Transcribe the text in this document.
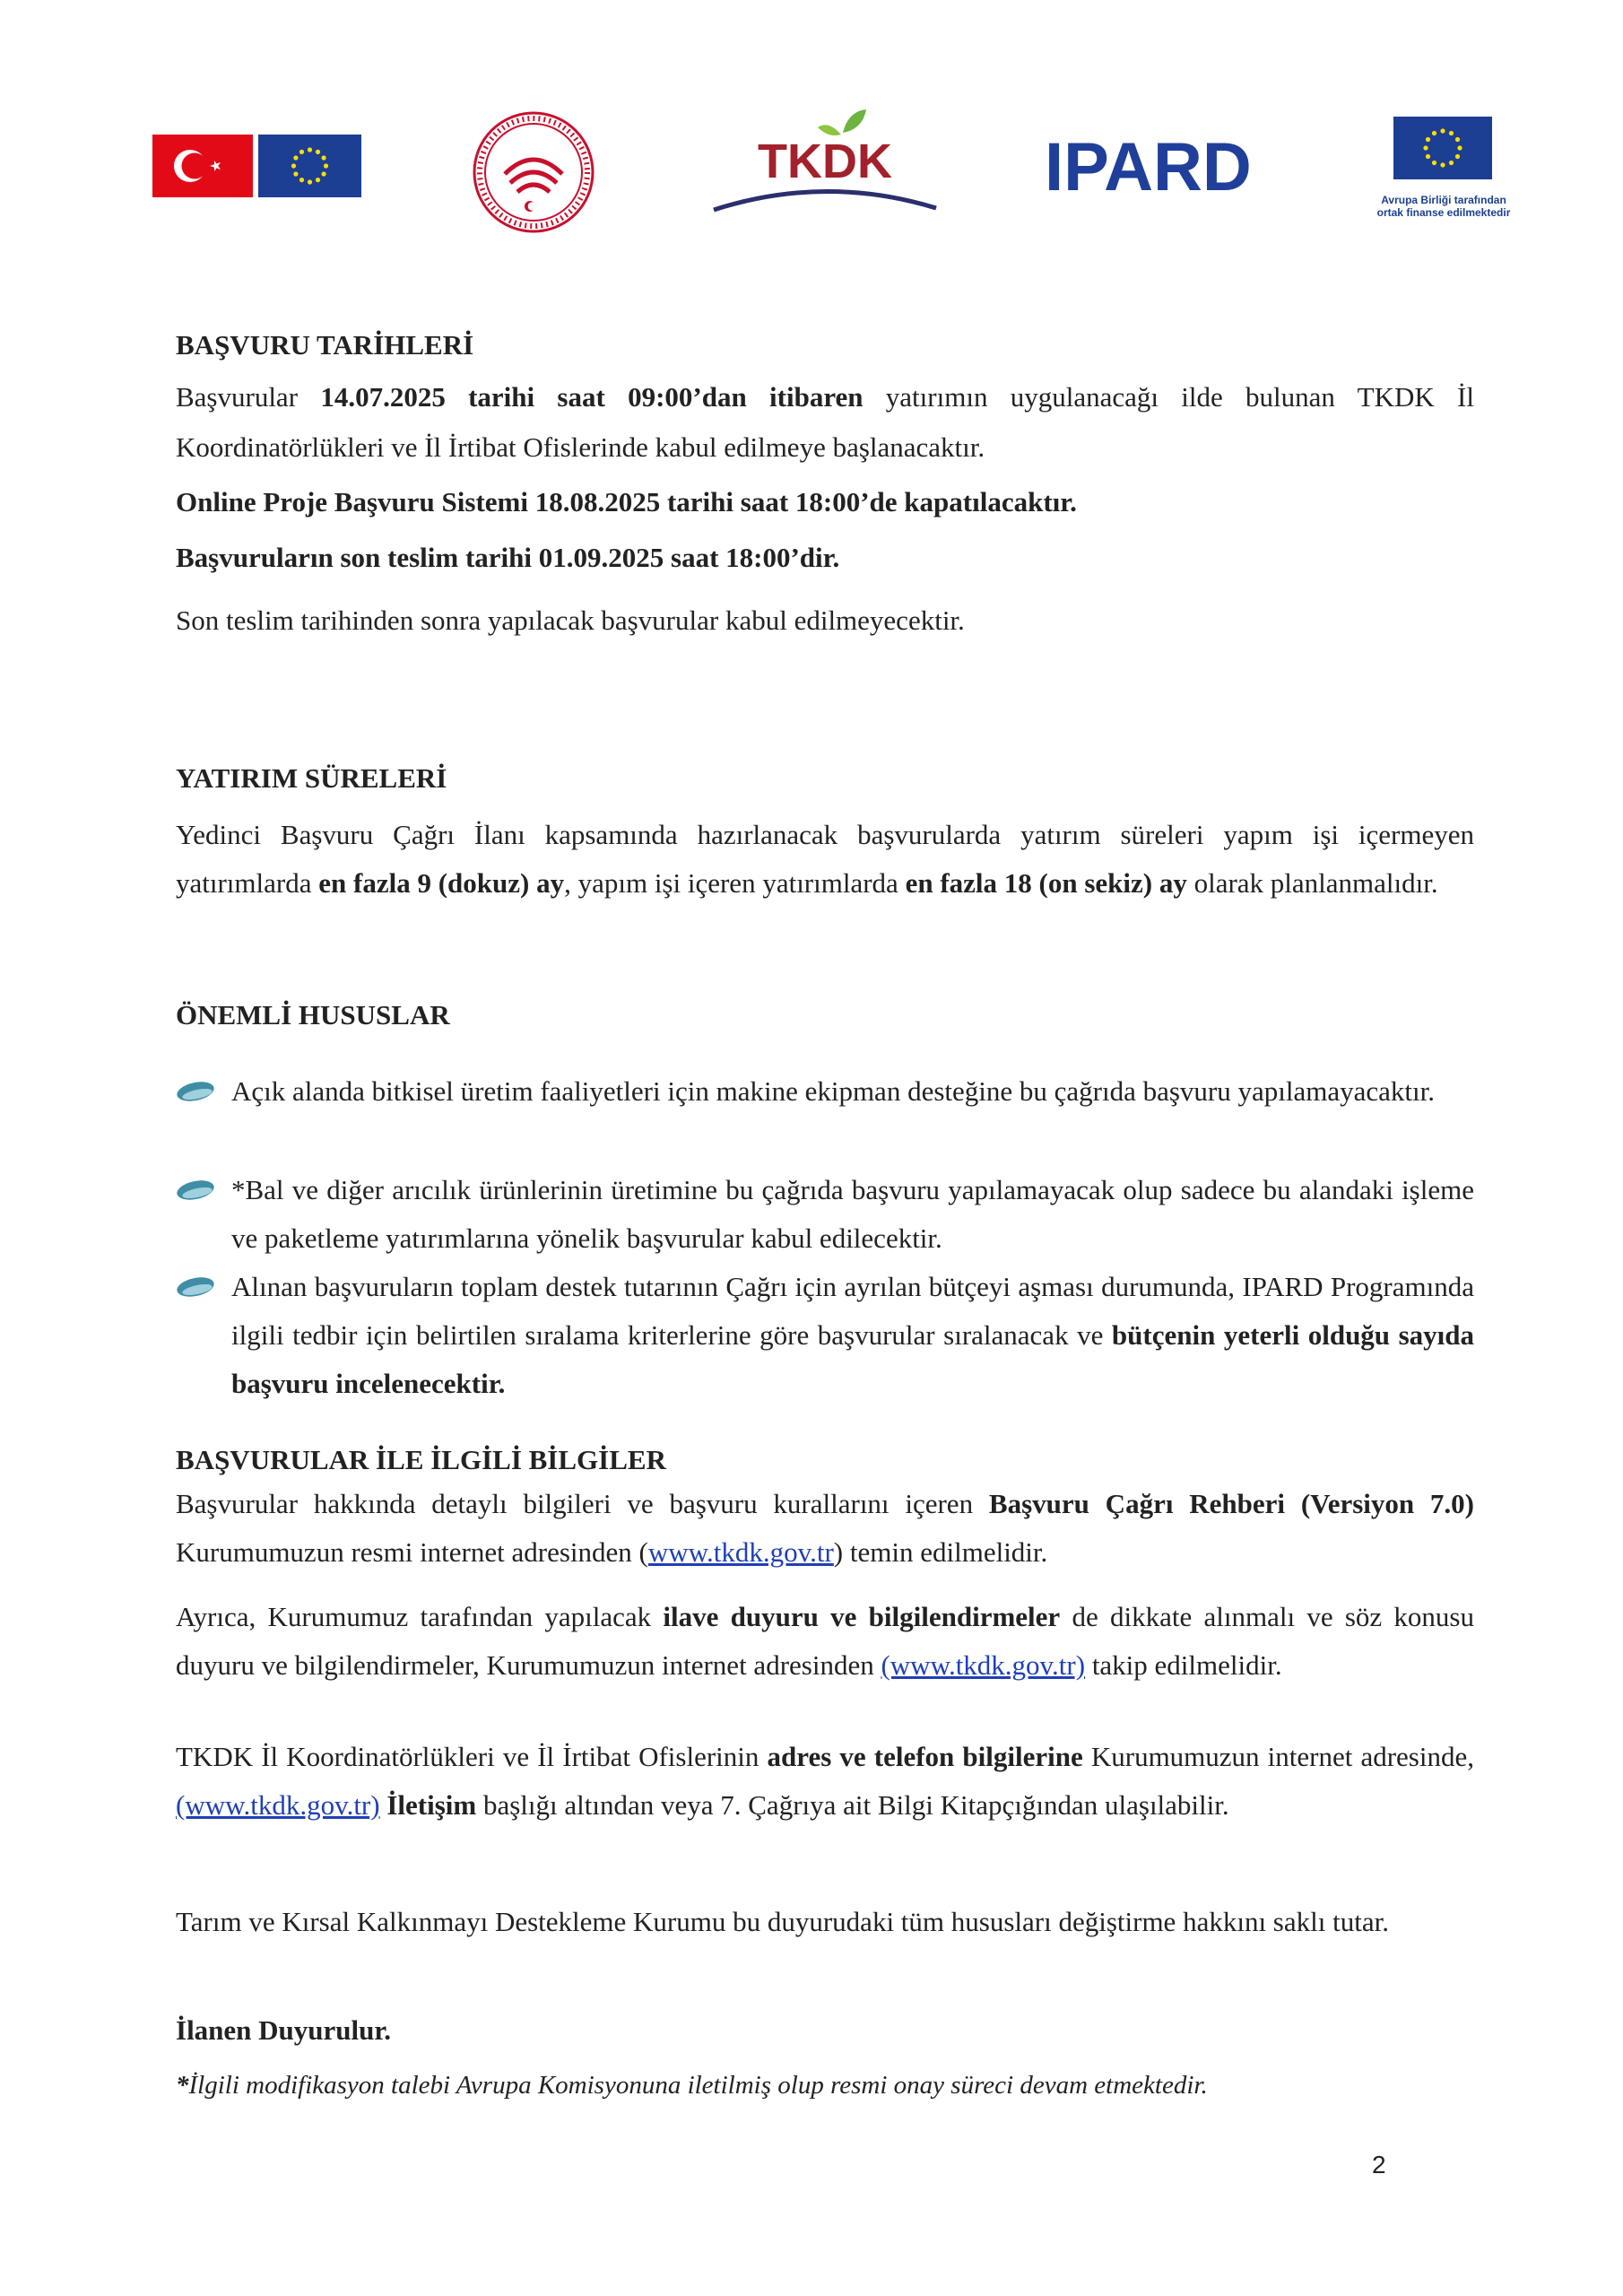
TKDK IPARD	Avrupa Birliği tarafından
ortak finanse edilmektedir
BAŞVURU TARİHLERİ
Başvurular 14.07.2025 tarihi saat 09:00’dan itibaren yatırımın uygulanacağı ilde bulunan TKDK İl Koordinatörlükleri ve İl İrtibat Ofislerinde kabul edilmeye başlanacaktır.
Online Proje Başvuru Sistemi 18.08.2025 tarihi saat 18:00’de kapatılacaktır.
Başvuruların son teslim tarihi 01.09.2025 saat 18:00’dir.
Son teslim tarihinden sonra yapılacak başvurular kabul edilmeyecektir.
YATIRIM SÜRELERİ
Yedinci Başvuru Çağrı İlanı kapsamında hazırlanacak başvurularda yatırım süreleri yapım işi içermeyen yatırımlarda en fazla 9 (dokuz) ay, yapım işi içeren yatırımlarda en fazla 18 (on sekiz) ay olarak planlanmalıdır.
ÖNEMLİ HUSUSLAR
Açık alanda bitkisel üretim faaliyetleri için makine ekipman desteğine bu çağrıda başvuru yapılamayacaktır.
*Bal ve diğer arıcılık ürünlerinin üretimine bu çağrıda başvuru yapılamayacak olup sadece bu alandaki işleme ve paketleme yatırımlarına yönelik başvurular kabul edilecektir.
Alınan başvuruların toplam destek tutarının Çağrı için ayrılan bütçeyi aşması durumunda, IPARD Programında ilgili tedbir için belirtilen sıralama kriterlerine göre başvurular sıralanacak ve bütçenin yeterli olduğu sayıda başvuru incelenecektir.
BAŞVURULAR İLE İLGİLİ BİLGİLER
Başvurular hakkında detaylı bilgileri ve başvuru kurallarını içeren Başvuru Çağrı Rehberi (Versiyon 7.0) Kurumumuzun resmi internet adresinden (www.tkdk.gov.tr) temin edilmelidir.
Ayrıca, Kurumumuz tarafından yapılacak ilave duyuru ve bilgilendirmeler de dikkate alınmalı ve söz konusu duyuru ve bilgilendirmeler, Kurumumuzun internet adresinden (www.tkdk.gov.tr) takip edilmelidir.
TKDK İl Koordinatörlükleri ve İl İrtibat Ofislerinin adres ve telefon bilgilerine Kurumumuzun internet adresinde, (www.tkdk.gov.tr) İletişim başlığı altından veya 7. Çağrıya ait Bilgi Kitapçığından ulaşılabilir.
Tarım ve Kırsal Kalkınmayı Destekleme Kurumu bu duyurudaki tüm hususları değiştirme hakkını saklı tutar.
İlanen Duyurulur.
*İlgili modifikasyon talebi Avrupa Komisyonuna iletilmiş olup resmi onay süreci devam etmektedir.
2
